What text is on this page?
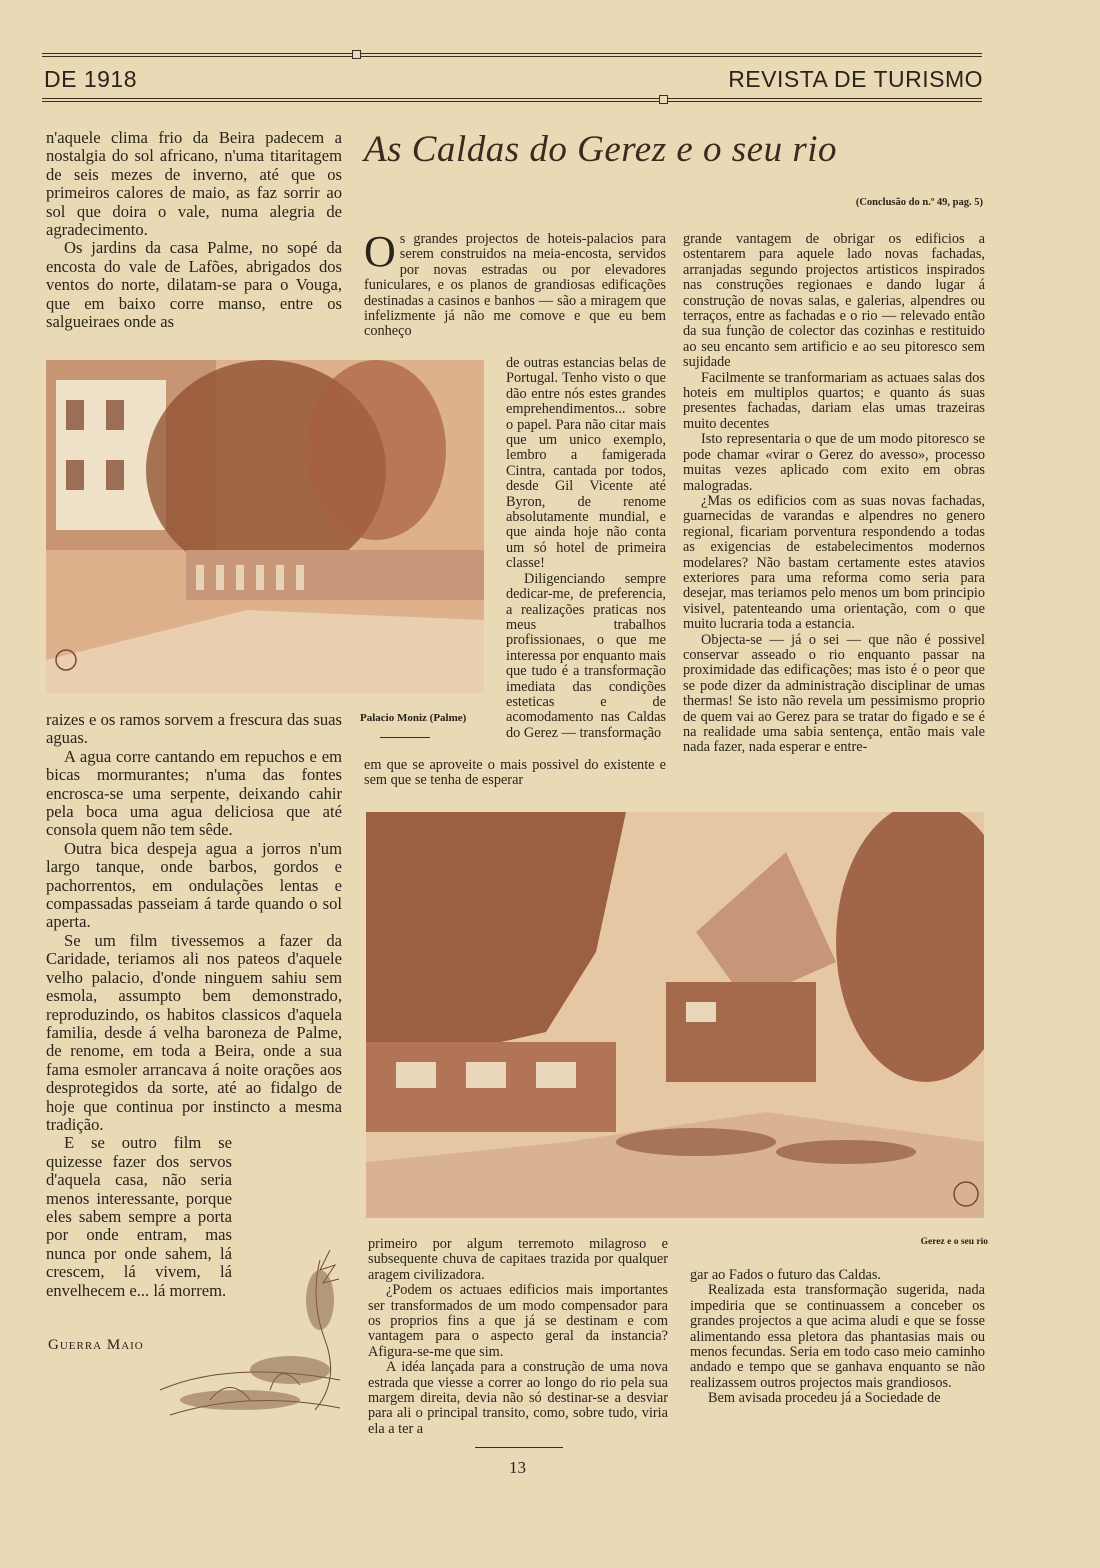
DE 1918	REVISTA DE TURISMO

n'aquele clima frio da Beira padecem a nostalgia do sol africano, n'uma titaritagem de seis mezes de inverno, até que os primeiros calores de maio, as faz sorrir ao sol que doira o vale, numa alegria de agradecimento.

Os jardins da casa Palme, no sopé da encosta do vale de Lafões, abrigados dos ventos do norte, dilatam-se para o Vouga, que em baixo corre manso, entre os salgueiraes onde as

Palacio Moniz (Palme)
As Caldas do Gerez e o seu rio
(Conclusão do n.º 49, pag. 5)

Os grandes projectos de hoteis-palacios para serem construidos na meia-encosta, servidos por novas estradas ou por elevadores funiculares, e os planos de grandiosas edificações destinadas a casinos e banhos — são a miragem que infelizmente já não me comove e que eu bem conheço

de outras estancias belas de Portugal. Tenho visto o que dão entre nós estes grandes emprehendimentos... sobre o papel. Para não citar mais que um unico exemplo, lembro a famigerada Cintra, cantada por todos, desde Gil Vicente até Byron, de renome absolutamente mundial, e que ainda hoje não conta um só hotel de primeira classe!

Diligenciando sempre dedicar-me, de preferencia, a realizações praticas nos meus trabalhos profissionaes, o que me interessa por enquanto mais que tudo é a transformação imediata das condições esteticas e de acomodamento nas Caldas do Gerez — transformação

em que se aproveite o mais possivel do existente e sem que se tenha de esperar

grande vantagem de obrigar os edificios a ostentarem para aquele lado novas fachadas, arranjadas segundo projectos artisticos inspirados nas construções regionaes e dando lugar á construção de novas salas, e galerias, alpendres ou terraços, entre as fachadas e o rio — relevado então da sua função de colector das cozinhas e restituido ao seu encanto sem artificio e ao seu pitoresco sem sujidade

Facilmente se tranformariam as actuaes salas dos hoteis em multiplos quartos; e quanto ás suas presentes fachadas, dariam elas umas trazeiras muito decentes

Isto representaria o que de um modo pitoresco se pode chamar «virar o Gerez do avesso», processo muitas vezes aplicado com exito em obras malogradas.

¿Mas os edificios com as suas novas fachadas, guarnecidas de varandas e alpendres no genero regional, ficariam porventura respondendo a todas as exigencias de estabelecimentos modernos modelares? Não bastam certamente estes atavios exteriores para uma reforma como seria para desejar, mas teriamos pelo menos um bom principio visivel, patenteando uma orientação, com o que muito lucraria toda a estancia.

Objecta-se — já o sei — que não é possivel conservar asseado o rio enquanto passar na proximidade das edificações; mas isto é o peor que se pode dizer da administração disciplinar de umas thermas! Se isto não revela um pessimismo proprio de quem vai ao Gerez para se tratar do figado e se é na realidade uma sabia sentença, então mais vale nada fazer, nada esperar e entre-

raizes e os ramos sorvem a frescura das suas aguas.

A agua corre cantando em repuchos e em bicas mormurantes; n'uma das fontes encrosca-se uma serpente, deixando cahir pela boca uma agua deliciosa que até consola quem não tem sêde.

Outra bica despeja agua a jorros n'um largo tanque, onde barbos, gordos e pachorrentos, em ondulações lentas e compassadas passeiam á tarde quando o sol aperta.

Se um film tivessemos a fazer da Caridade, teriamos ali nos pateos d'aquele velho palacio, d'onde ninguem sahiu sem esmola, assumpto bem demonstrado, reproduzindo, os habitos classicos d'aquela familia, desde á velha baroneza de Palme, de renome, em toda a Beira, onde a sua fama esmoler arrancava á noite orações aos desprotegidos da sorte, até ao fidalgo de hoje que continua por instincto a mesma tradição.

E se outro film se quizesse fazer dos servos d'aquela casa, não seria menos interessante, porque eles sabem sempre a porta por onde entram, mas nunca por onde sahem, lá crescem, lá vivem, lá envelhecem e... lá morrem.

Guerra Maio
Gerez e o seu rio

primeiro por algum terremoto milagroso e subsequente chuva de capitaes trazida por qualquer aragem civilizadora.

¿Podem os actuaes edificios mais importantes ser transformados de um modo compensador para os proprios fins a que já se destinam e com vantagem para o aspecto geral da instancia? Afigura-se-me que sim.

A idéa lançada para a construção de uma nova estrada que viesse a correr ao longo do rio pela sua margem direita, devia não só destinar-se a desviar para ali o principal transito, como, sobre tudo, viria ela a ter a

gar ao Fados o futuro das Caldas.

Realizada esta transformação sugerida, nada impediria que se continuassem a conceber os grandes projectos a que acima aludi e que se fosse alimentando essa pletora das phantasias mais ou menos fecundas. Seria em todo caso meio caminho andado e tempo que se ganhava enquanto se não realizassem outros projectos mais grandiosos.

Bem avisada procedeu já a Sociedade de

13
